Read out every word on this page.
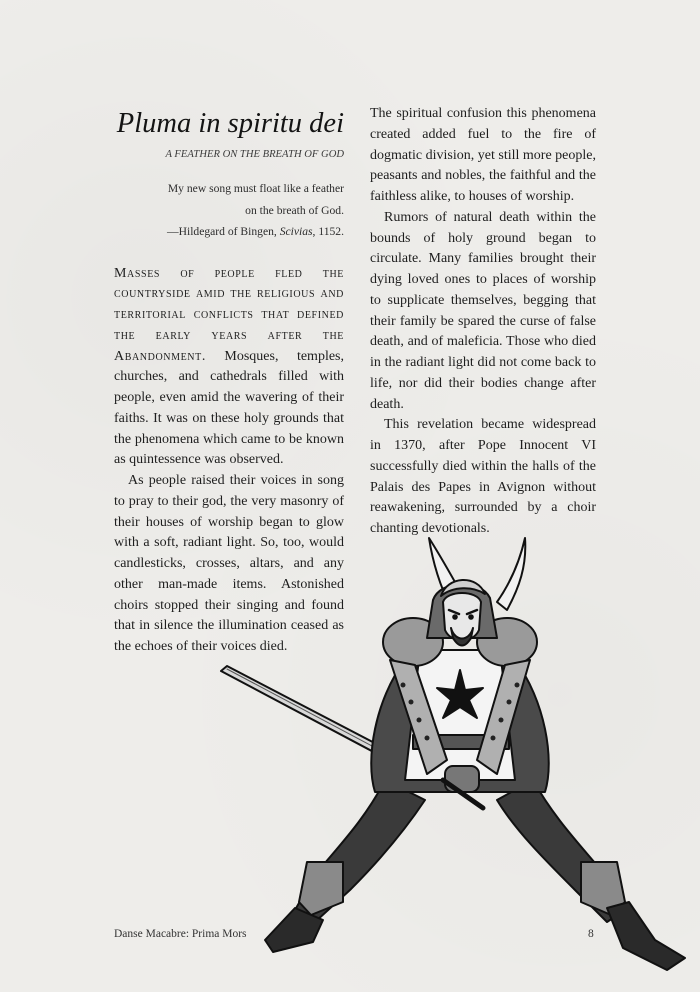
Pluma in spiritu dei
A FEATHER ON THE BREATH OF GOD
My new song must float like a feather
on the breath of God.
—Hildegard of Bingen, Scivias, 1152.

Masses of people fled the countryside amid the religious and territorial conflicts that defined the early years after the Abandonment. Mosques, temples, churches, and cathedrals filled with people, even amid the wavering of their faiths. It was on these holy grounds that the phenomena which came to be known as quintessence was observed.

As people raised their voices in song to pray to their god, the very masonry of their houses of worship began to glow with a soft, radiant light. So, too, would candlesticks, crosses, altars, and any other man-made items. Astonished choirs stopped their singing and found that in silence the illumination ceased as the echoes of their voices died.

The spiritual confusion this phenomena created added fuel to the fire of dogmatic division, yet still more people, peasants and nobles, the faithful and the faithless alike, to houses of worship.

Rumors of natural death within the bounds of holy ground began to circulate. Many families brought their dying loved ones to places of worship to supplicate themselves, begging that their family be spared the curse of false death, and of maleficia. Those who died in the radiant light did not come back to life, nor did their bodies change after death.

This revelation became widespread in 1370, after Pope Innocent VI successfully died within the halls of the Palais des Papes in Avignon without reawakening, surrounded by a choir chanting devotionals.

Danse Macabre: Prima Mors	8
